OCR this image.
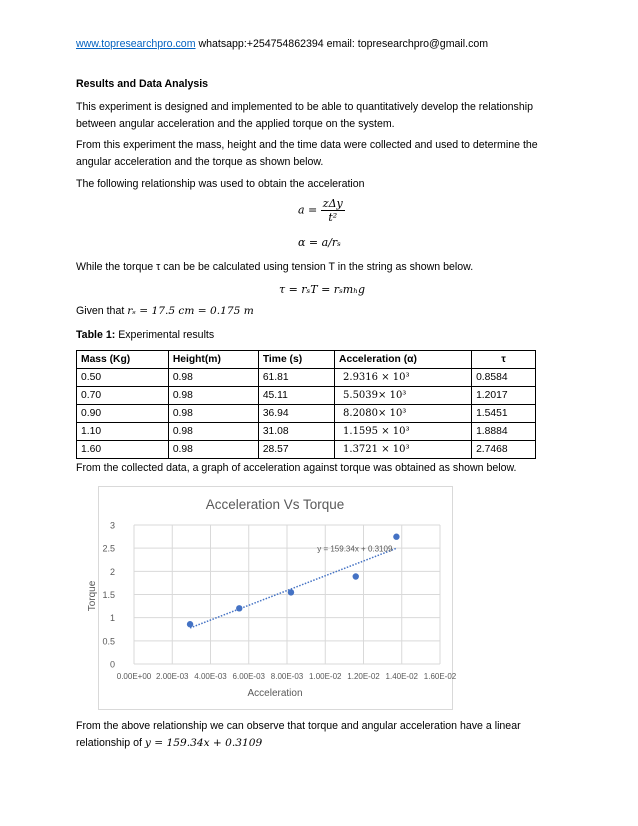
www.topresearchpro.com whatsapp:+254754862394 email: topresearchpro@gmail.com

Results and Data Analysis

This experiment is designed and implemented to be able to quantitatively develop the relationship between angular acceleration and the applied torque on the system.

From this experiment the mass, height and the time data were collected and used to determine the angular acceleration and the torque as shown below.

The following relationship was used to obtain the acceleration

$a = \frac{\text{zΔy}}{\text{t²}}$
α = a/rₛ

While the torque τ can be be calculated using tension T in the string as shown below.

τ = rₛT = rₛmₕg

Given that rₛ = 17.5 cm = 0.175 m

Table 1: Experimental results

Mass (Kg)	Height(m)	Time (s)	Acceleration (α)	τ
0.50	0.98	61.81	2.9316 × 10³	0.8584
0.70	0.98	45.11	5.5039× 10³	1.2017
0.90	0.98	36.94	8.2080× 10³	1.5451
1.10	0.98	31.08	1.1595 × 10³	1.8884
1.60	0.98	28.57	1.3721 × 10³	2.7468

From the collected data, a graph of acceleration against torque was obtained as shown below.

Acceleration Vs Torque
0
0.5
1
1.5
2
2.5
3
0.00E+00 2.00E-03 4.00E-03 6.00E-03 8.00E-03 1.00E-02 1.20E-02 1.40E-02 1.60E-02
y = 159.34x + 0.3109
Acceleration
Torque

From the above relationship we can observe that torque and angular acceleration have a linear relationship of y = 159.34x + 0.3109
